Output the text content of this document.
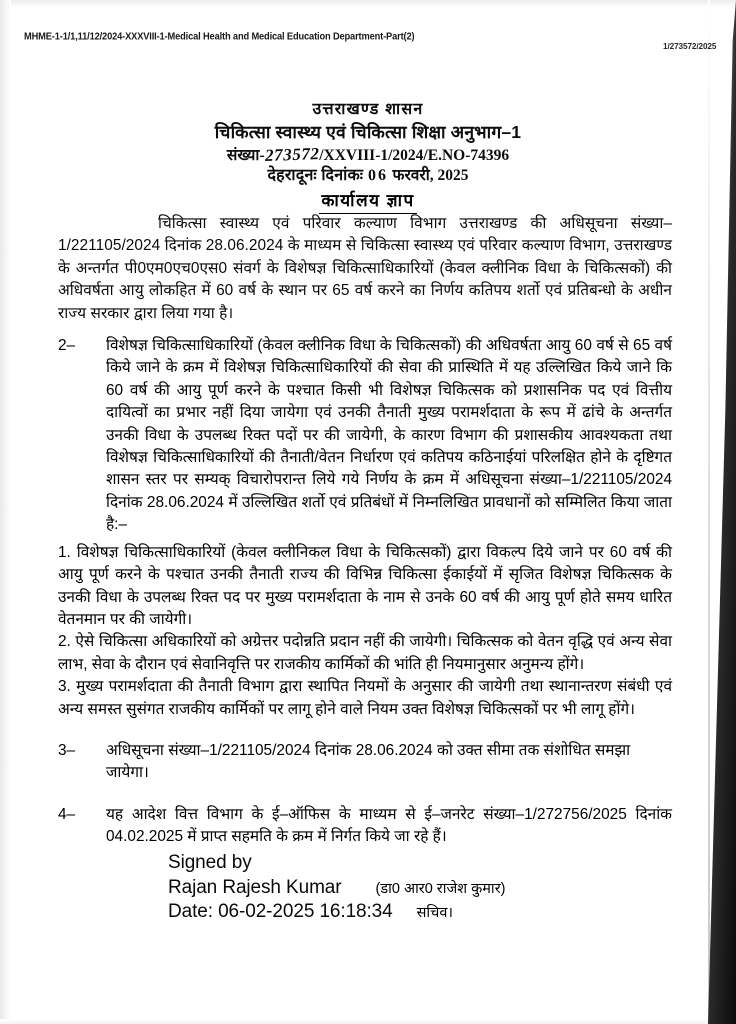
MHME-1-1/1,11/12/2024-XXXVIII-1-Medical Health and Medical Education Department-Part(2)
1/273572/2025
उत्तराखण्ड शासन
चिकित्सा स्वास्थ्य एवं चिकित्सा शिक्षा अनुभाग–1
संख्या-273572/XXVIII-1/2024/E.NO-74396
देहरादूनः दिनांकः 06 फरवरी, 2025
कार्यालय ज्ञाप

चिकित्सा स्वास्थ्य एवं परिवार कल्याण विभाग उत्तराखण्ड की अधिसूचना संख्या–1/221105/2024 दिनांक 28.06.2024 के माध्यम से चिकित्सा स्वास्थ्य एवं परिवार कल्याण विभाग, उत्तराखण्ड के अन्तर्गत पी0एम0एच0एस0 संवर्ग के विशेषज्ञ चिकित्साधिकारियों (केवल क्लीनिक विधा के चिकित्सकों) की अधिवर्षता आयु लोकहित में 60 वर्ष के स्थान पर 65 वर्ष करने का निर्णय कतिपय शर्तो एवं प्रतिबन्धो के अधीन राज्य सरकार द्वारा लिया गया है।

2–	विशेषज्ञ चिकित्साधिकारियों (केवल क्लीनिक विधा के चिकित्सकों) की अधिवर्षता आयु 60 वर्ष से 65 वर्ष किये जाने के क्रम में विशेषज्ञ चिकित्साधिकारियों की सेवा की प्रास्थिति में यह उल्लिखित किये जाने कि 60 वर्ष की आयु पूर्ण करने के पश्चात किसी भी विशेषज्ञ चिकित्सक को प्रशासनिक पद एवं वित्तीय दायित्वों का प्रभार नहीं दिया जायेगा एवं उनकी तैनाती मुख्य परामर्शदाता के रूप में ढांचे के अन्तर्गत उनकी विधा के उपलब्ध रिक्त पदों पर की जायेगी, के कारण विभाग की प्रशासकीय आवश्यकता तथा विशेषज्ञ चिकित्साधिकारियों की तैनाती/वेतन निर्धारण एवं कतिपय कठिनाईयां परिलक्षित होने के दृष्टिगत शासन स्तर पर सम्यक् विचारोपरान्त लिये गये निर्णय के क्रम में अधिसूचना संख्या–1/221105/2024 दिनांक 28.06.2024 में उल्लिखित शर्तो एवं प्रतिबंधों में निम्नलिखित प्रावधानों को सम्मिलित किया जाता है:–

1. विशेषज्ञ चिकित्साधिकारियों (केवल क्लीनिकल विधा के चिकित्सकों) द्वारा विकल्प दिये जाने पर 60 वर्ष की आयु पूर्ण करने के पश्चात उनकी तैनाती राज्य की विभिन्न चिकित्सा ईकाईयों में सृजित विशेषज्ञ चिकित्सक के उनकी विधा के उपलब्ध रिक्त पद पर मुख्य परामर्शदाता के नाम से उनके 60 वर्ष की आयु पूर्ण होते समय धारित वेतनमान पर की जायेगी।

2. ऐसे चिकित्सा अधिकारियों को अग्रेत्तर पदोन्नति प्रदान नहीं की जायेगी। चिकित्सक को वेतन वृद्धि एवं अन्य सेवा लाभ, सेवा के दौरान एवं सेवानिवृत्ति पर राजकीय कार्मिकों की भांति ही नियमानुसार अनुमन्य होंगे।

3. मुख्य परामर्शदाता की तैनाती विभाग द्वारा स्थापित नियमों के अनुसार की जायेगी तथा स्थानान्तरण संबंधी एवं अन्य समस्त सुसंगत राजकीय कार्मिकों पर लागू होने वाले नियम उक्त विशेषज्ञ चिकित्सकों पर भी लागू होंगे।

3–	अधिसूचना संख्या–1/221105/2024 दिनांक 28.06.2024 को उक्त सीमा तक संशोधित समझा जायेगा।
4–	यह आदेश वित्त विभाग के ई–ऑफिस के माध्यम से ई–जनरेट संख्या–1/272756/2025 दिनांक 04.02.2025 में प्राप्त सहमति के क्रम में निर्गत किये जा रहे हैं।
Signed by
Rajan Rajesh Kumar (डा0 आर0 राजेश कुमार)
Date: 06-02-2025 16:18:34 सचिव।
